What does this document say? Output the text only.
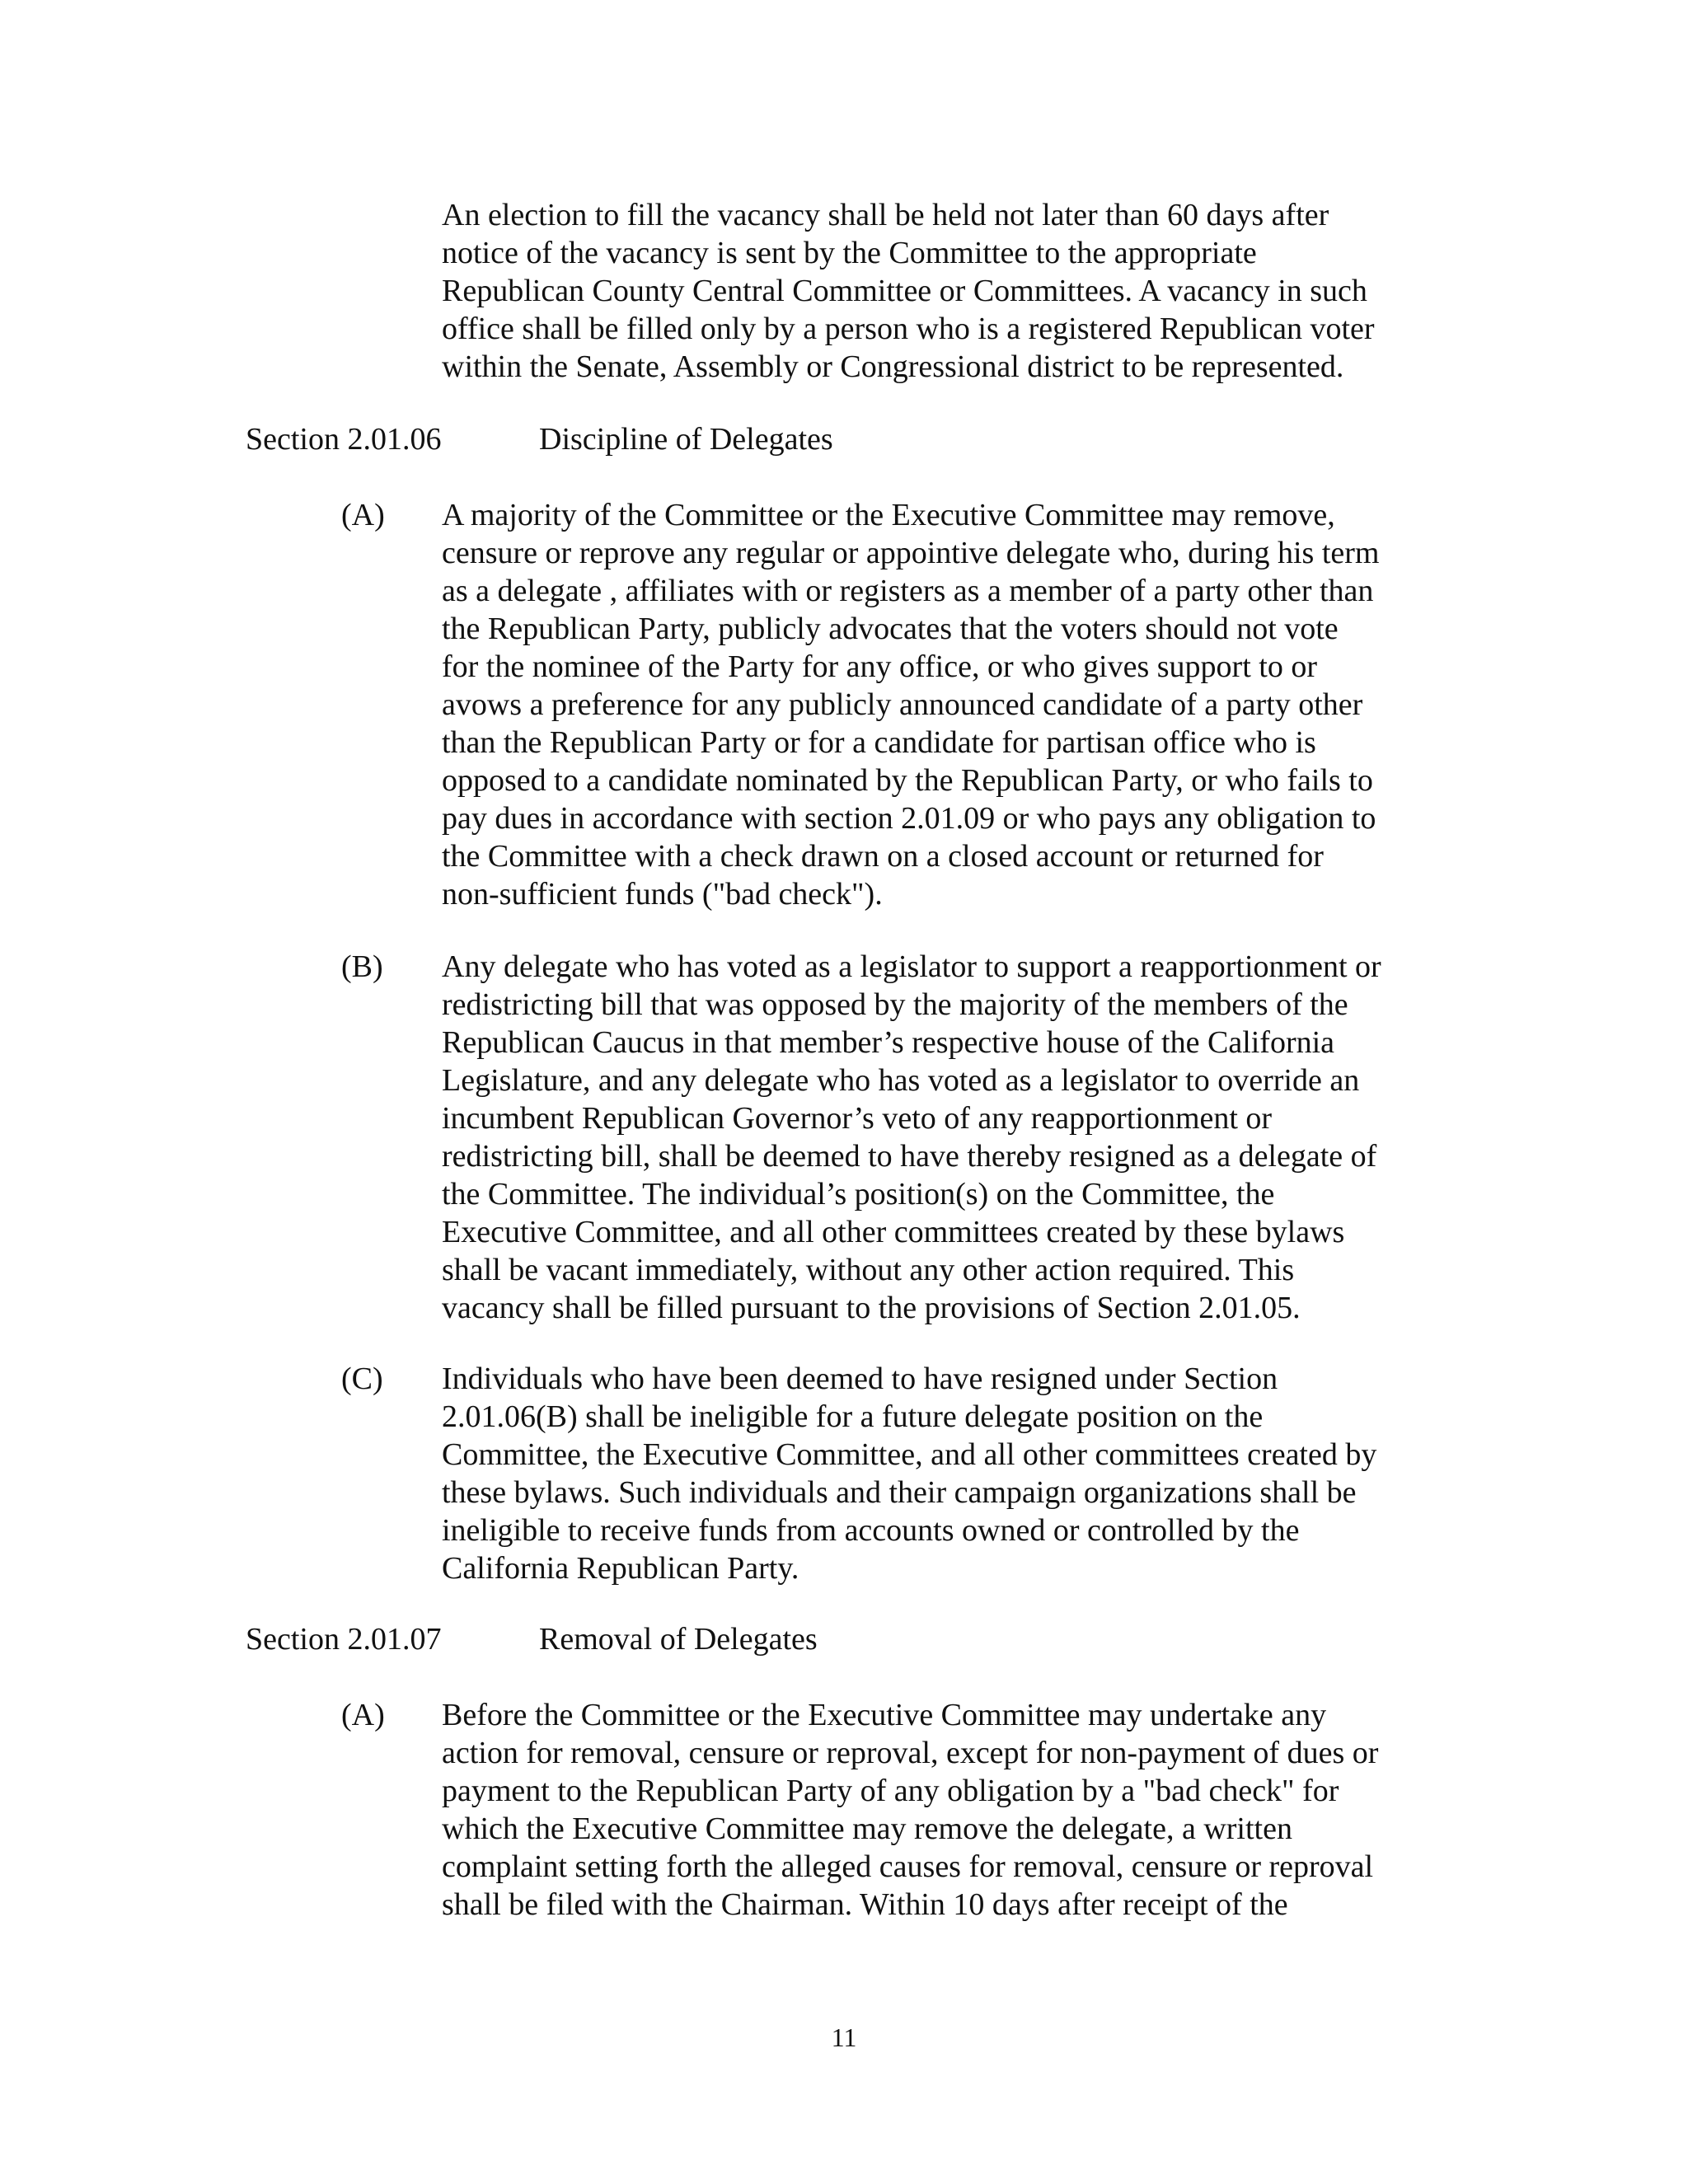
An election to fill the vacancy shall be held not later than 60 days after
notice of the vacancy is sent by the Committee to the appropriate
Republican County Central Committee or Committees. A vacancy in such
office shall be filled only by a person who is a registered Republican voter
within the Senate, Assembly or Congressional district to be represented.
Section 2.01.06	Discipline of Delegates
(A) A majority of the Committee or the Executive Committee may remove,
censure or reprove any regular or appointive delegate who, during his term
as a delegate , affiliates with or registers as a member of a party other than
the Republican Party, publicly advocates that the voters should not vote
for the nominee of the Party for any office, or who gives support to or
avows a preference for any publicly announced candidate of a party other
than the Republican Party or for a candidate for partisan office who is
opposed to a candidate nominated by the Republican Party, or who fails to
pay dues in accordance with section 2.01.09 or who pays any obligation to
the Committee with a check drawn on a closed account or returned for
non-sufficient funds ("bad check").
(B) Any delegate who has voted as a legislator to support a reapportionment or
redistricting bill that was opposed by the majority of the members of the
Republican Caucus in that member’s respective house of the California
Legislature, and any delegate who has voted as a legislator to override an
incumbent Republican Governor’s veto of any reapportionment or
redistricting bill, shall be deemed to have thereby resigned as a delegate of
the Committee. The individual’s position(s) on the Committee, the
Executive Committee, and all other committees created by these bylaws
shall be vacant immediately, without any other action required. This
vacancy shall be filled pursuant to the provisions of Section 2.01.05.
(C) Individuals who have been deemed to have resigned under Section
2.01.06(B) shall be ineligible for a future delegate position on the
Committee, the Executive Committee, and all other committees created by
these bylaws. Such individuals and their campaign organizations shall be
ineligible to receive funds from accounts owned or controlled by the
California Republican Party.
Section 2.01.07	Removal of Delegates
(A) Before the Committee or the Executive Committee may undertake any
action for removal, censure or reproval, except for non-payment of dues or
payment to the Republican Party of any obligation by a "bad check" for
which the Executive Committee may remove the delegate, a written
complaint setting forth the alleged causes for removal, censure or reproval
shall be filed with the Chairman. Within 10 days after receipt of the
11
